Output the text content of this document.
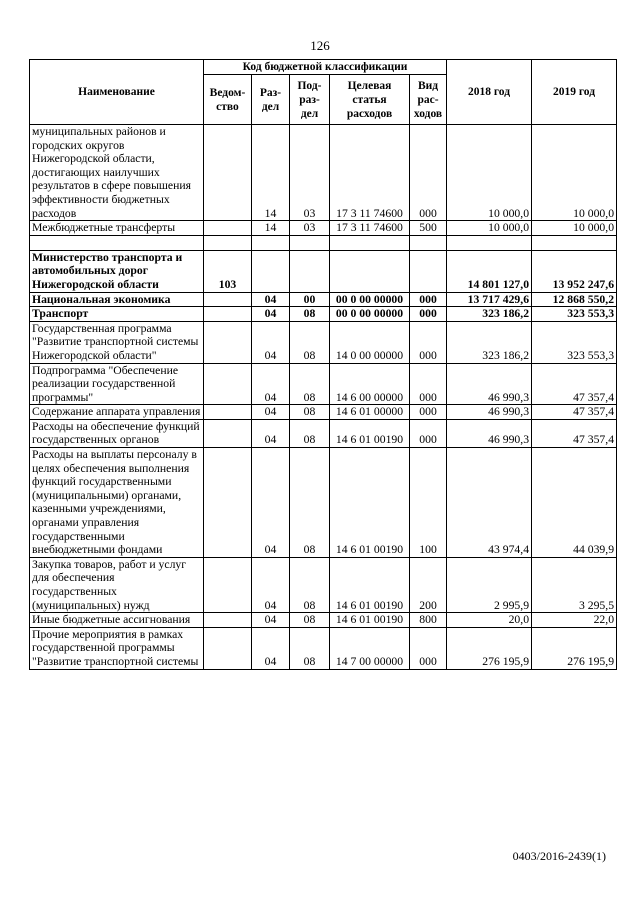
126
Наименование	Код бюджетной классификации					2018 год	2019 год
	Ведом-ство	Раз-дел	Под-раз-дел	Целевая статья расходов	Вид рас-ходов		
муниципальных районов и городских округов Нижегородской области, достигающих наилучших результатов в сфере повышения эффективности бюджетных расходов		14	03	17 3 11 74600	000	10 000,0	10 000,0
Межбюджетные трансферты		14	03	17 3 11 74600	500	10 000,0	10 000,0

Министерство транспорта и автомобильных дорог Нижегородской области	103					14 801 127,0	13 952 247,6
Национальная экономика		04	00	00 0 00 00000	000	13 717 429,6	12 868 550,2
Транспорт		04	08	00 0 00 00000	000	323 186,2	323 553,3
Государственная программа "Развитие транспортной системы Нижегородской области"		04	08	14 0 00 00000	000	323 186,2	323 553,3
Подпрограмма "Обеспечение реализации государственной программы"		04	08	14 6 00 00000	000	46 990,3	47 357,4
Содержание аппарата управления		04	08	14 6 01 00000	000	46 990,3	47 357,4
Расходы на обеспечение функций государственных органов		04	08	14 6 01 00190	000	46 990,3	47 357,4
Расходы на выплаты персоналу в целях обеспечения выполнения функций государственными (муниципальными) органами, казенными учреждениями, органами управления государственными внебюджетными фондами		04	08	14 6 01 00190	100	43 974,4	44 039,9
Закупка товаров, работ и услуг для обеспечения государственных (муниципальных) нужд		04	08	14 6 01 00190	200	2 995,9	3 295,5
Иные бюджетные ассигнования		04	08	14 6 01 00190	800	20,0	22,0
Прочие мероприятия в рамках государственной программы "Развитие транспортной системы		04	08	14 7 00 00000	000	276 195,9	276 195,9
0403/2016-2439(1)
